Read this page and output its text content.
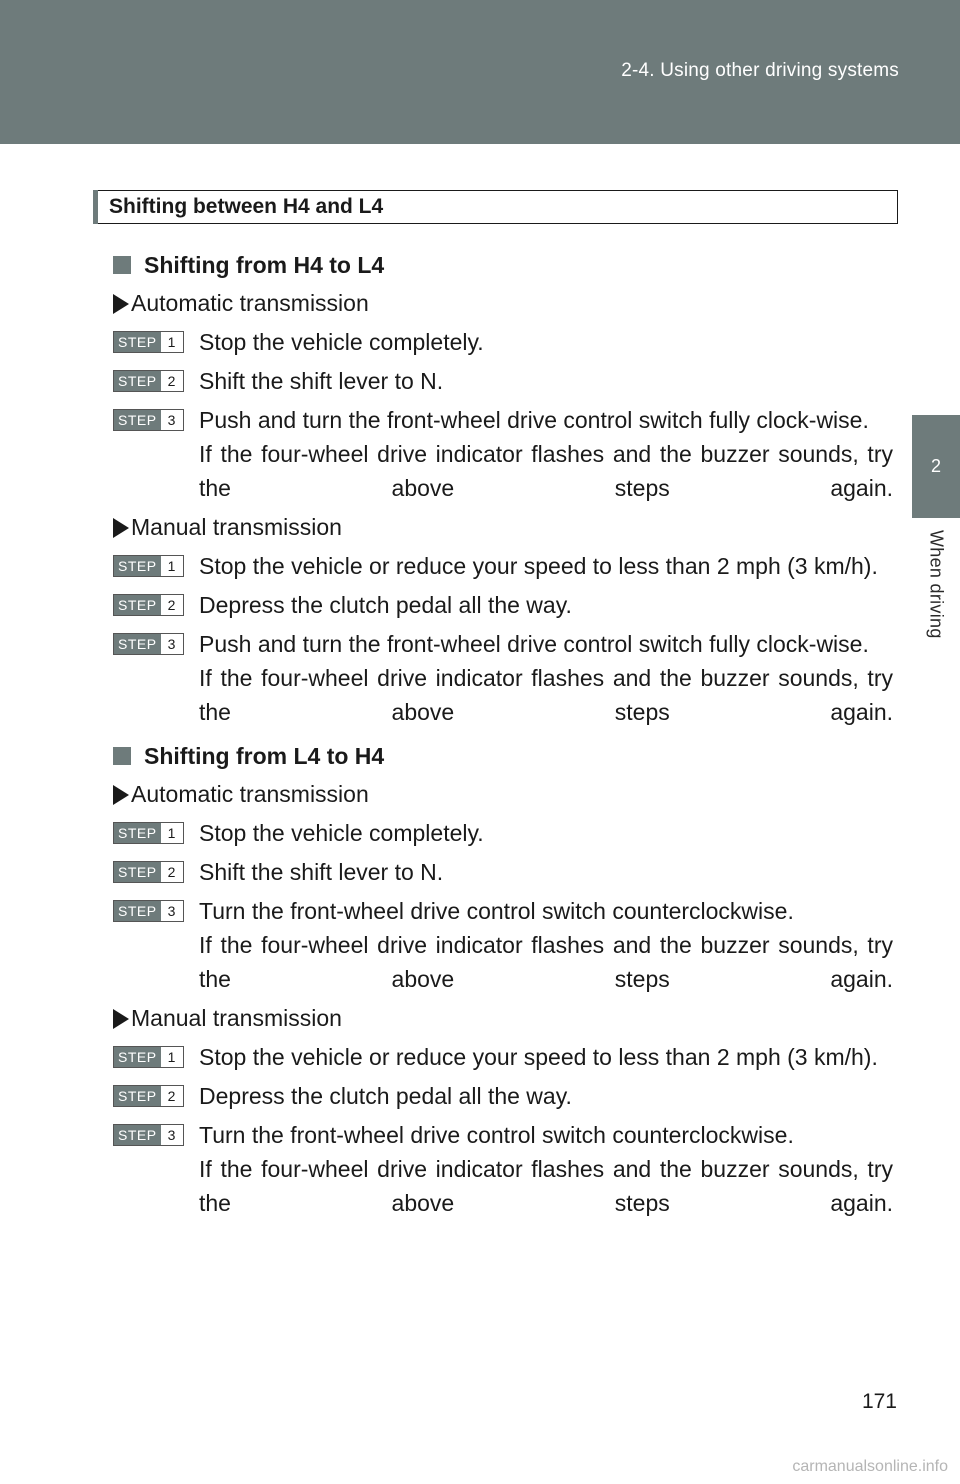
2-4. Using other driving systems
2
When driving
Shifting between H4 and L4
Shifting from H4 to L4
Automatic transmission
STEP 1	Stop the vehicle completely.
STEP 2	Shift the shift lever to N.
STEP 3	Push and turn the front-wheel drive control switch fully clock-wise.
If the four-wheel drive indicator flashes and the buzzer sounds, try the above steps again.
Manual transmission
STEP 1	Stop the vehicle or reduce your speed to less than 2 mph (3 km/h).
STEP 2	Depress the clutch pedal all the way.
STEP 3	Push and turn the front-wheel drive control switch fully clock-wise.
If the four-wheel drive indicator flashes and the buzzer sounds, try the above steps again.
Shifting from L4 to H4
Automatic transmission
STEP 1	Stop the vehicle completely.
STEP 2	Shift the shift lever to N.
STEP 3	Turn the front-wheel drive control switch counterclockwise.
If the four-wheel drive indicator flashes and the buzzer sounds, try the above steps again.
Manual transmission
STEP 1	Stop the vehicle or reduce your speed to less than 2 mph (3 km/h).
STEP 2	Depress the clutch pedal all the way.
STEP 3	Turn the front-wheel drive control switch counterclockwise.
If the four-wheel drive indicator flashes and the buzzer sounds, try the above steps again.
171
carmanualsonline.info
